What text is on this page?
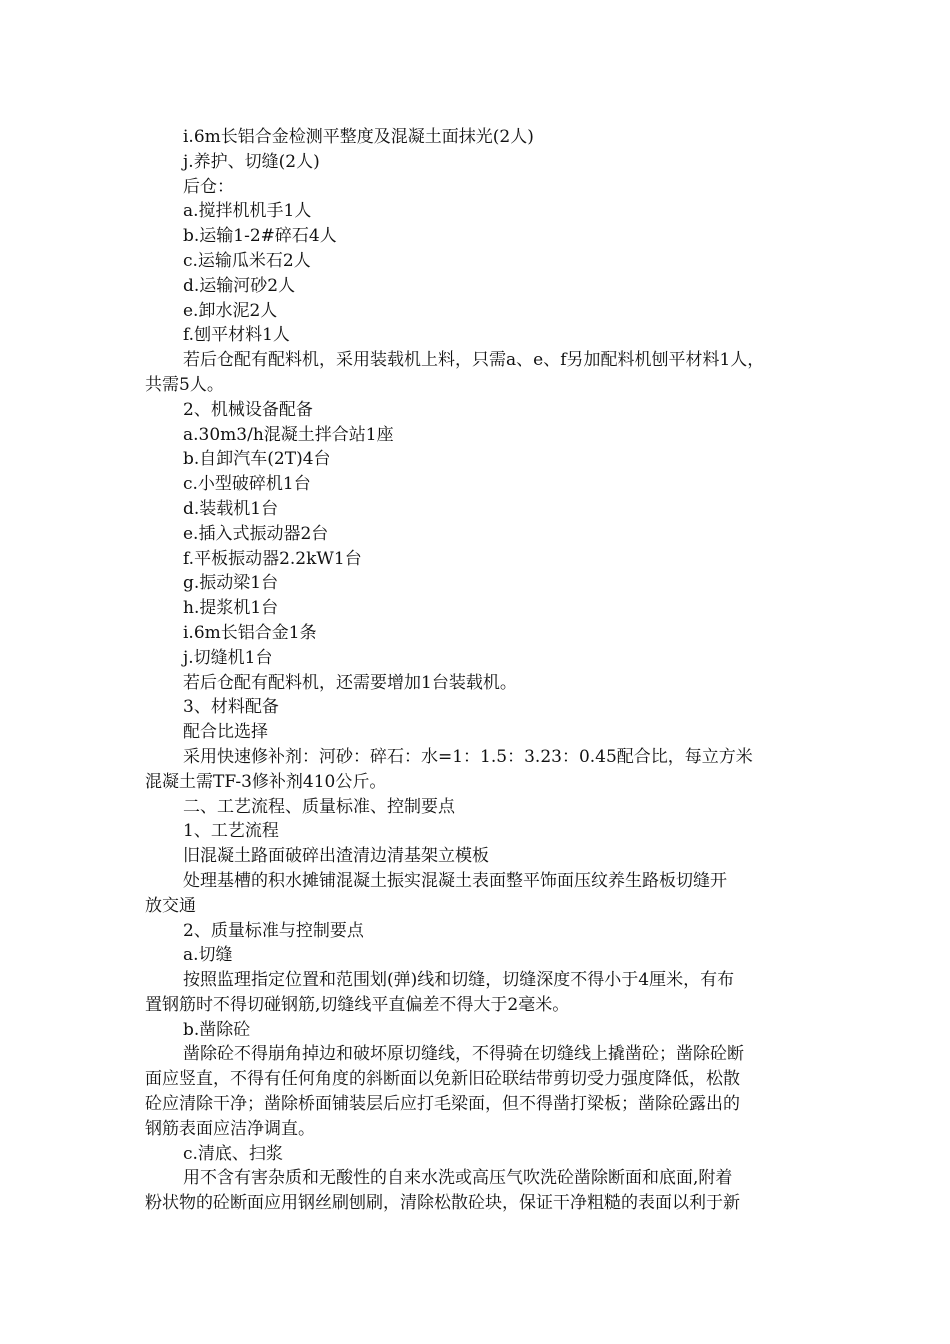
i.6m长铝合金检测平整度及混凝土面抹光(2人)
j.养护、切缝(2人)
后仓：
a.搅拌机机手1人
b.运输1-2#碎石4人
c.运输瓜米石2人
d.运输河砂2人
e.卸水泥2人
f.刨平材料1人
若后仓配有配料机，采用装载机上料，只需a、e、f另加配料机刨平材料1人，
共需5人。
2、机械设备配备
a.30m3/h混凝土拌合站1座
b.自卸汽车(2T)4台
c.小型破碎机1台
d.装载机1台
e.插入式振动器2台
f.平板振动器2.2kW1台
g.振动梁1台
h.提浆机1台
i.6m长铝合金1条
j.切缝机1台
若后仓配有配料机，还需要增加1台装载机。
3、材料配备
配合比选择
采用快速修补剂：河砂：碎石：水=1：1.5：3.23：0.45配合比，每立方米
混凝土需TF-3修补剂410公斤。
二、工艺流程、质量标准、控制要点
1、工艺流程
旧混凝土路面破碎出渣清边清基架立模板
处理基槽的积水摊铺混凝土振实混凝土表面整平饰面压纹养生路板切缝开
放交通
2、质量标准与控制要点
a.切缝
按照监理指定位置和范围划(弹)线和切缝，切缝深度不得小于4厘米，有布
置钢筋时不得切碰钢筋,切缝线平直偏差不得大于2毫米。
b.凿除砼
凿除砼不得崩角掉边和破坏原切缝线，不得骑在切缝线上撬凿砼；凿除砼断
面应竖直，不得有任何角度的斜断面以免新旧砼联结带剪切受力强度降低，松散
砼应清除干净；凿除桥面铺装层后应打毛梁面，但不得凿打梁板；凿除砼露出的
钢筋表面应洁净调直。
c.清底、扫浆
用不含有害杂质和无酸性的自来水洗或高压气吹洗砼凿除断面和底面,附着
粉状物的砼断面应用钢丝刷刨刷，清除松散砼块，保证干净粗糙的表面以利于新
